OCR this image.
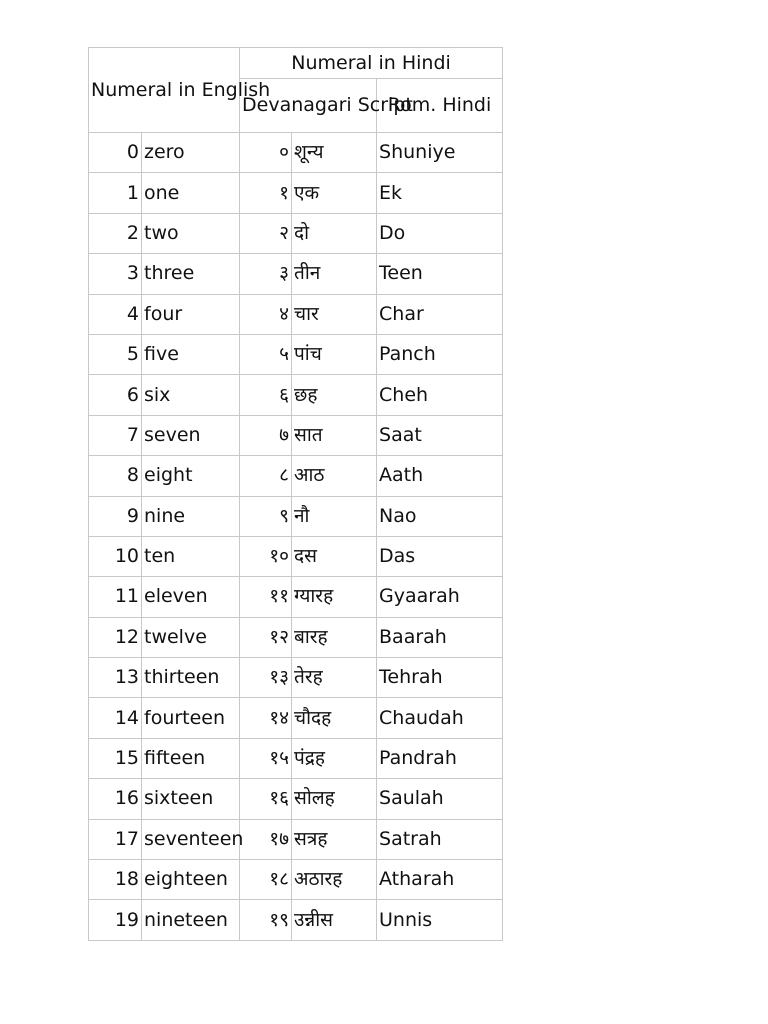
Numeral in English		Numeral in Hindi		
		Devanagari Script		Rom. Hindi
0	zero	०	शून्य	Shuniye
1	one	१	एक	Ek
2	two	२	दो	Do
3	three	३	तीन	Teen
4	four	४	चार	Char
5	five	५	पांच	Panch
6	six	६	छह	Cheh
7	seven	७	सात	Saat
8	eight	८	आठ	Aath
9	nine	९	नौ	Nao
10	ten	१०	दस	Das
11	eleven	११	ग्यारह	Gyaarah
12	twelve	१२	बारह	Baarah
13	thirteen	१३	तेरह	Tehrah
14	fourteen	१४	चौदह	Chaudah
15	fifteen	१५	पंद्रह	Pandrah
16	sixteen	१६	सोलह	Saulah
17	seventeen	१७	सत्रह	Satrah
18	eighteen	१८	अठारह	Atharah
19	nineteen	१९	उन्नीस	Unnis
